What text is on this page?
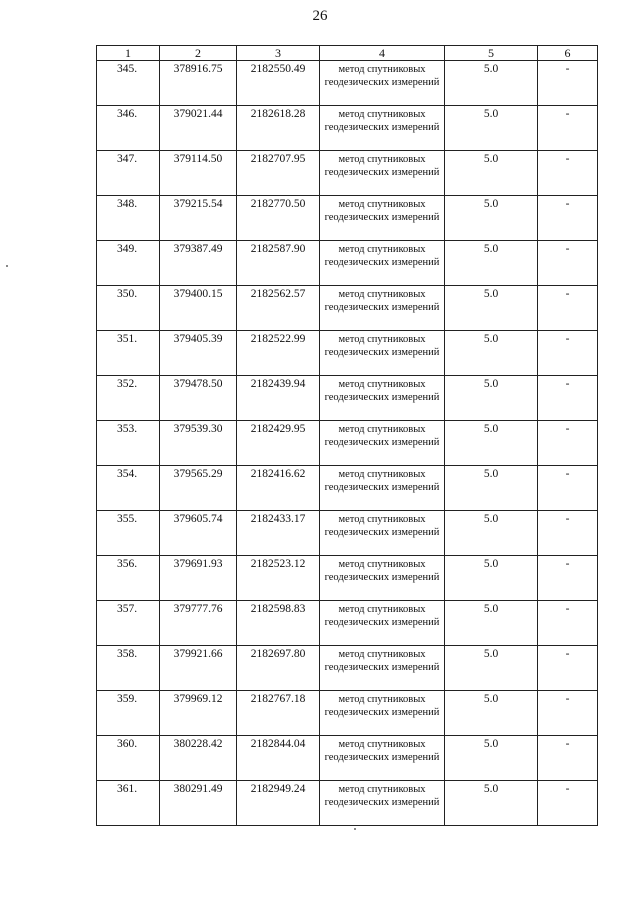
26
1	2	3	4	5	6
345.	378916.75	2182550.49	метод спутниковых геодезических измерений	5.0	-
346.	379021.44	2182618.28	метод спутниковых геодезических измерений	5.0	-
347.	379114.50	2182707.95	метод спутниковых геодезических измерений	5.0	-
348.	379215.54	2182770.50	метод спутниковых геодезических измерений	5.0	-
349.	379387.49	2182587.90	метод спутниковых геодезических измерений	5.0	-
350.	379400.15	2182562.57	метод спутниковых геодезических измерений	5.0	-
351.	379405.39	2182522.99	метод спутниковых геодезических измерений	5.0	-
352.	379478.50	2182439.94	метод спутниковых геодезических измерений	5.0	-
353.	379539.30	2182429.95	метод спутниковых геодезических измерений	5.0	-
354.	379565.29	2182416.62	метод спутниковых геодезических измерений	5.0	-
355.	379605.74	2182433.17	метод спутниковых геодезических измерений	5.0	-
356.	379691.93	2182523.12	метод спутниковых геодезических измерений	5.0	-
357.	379777.76	2182598.83	метод спутниковых геодезических измерений	5.0	-
358.	379921.66	2182697.80	метод спутниковых геодезических измерений	5.0	-
359.	379969.12	2182767.18	метод спутниковых геодезических измерений	5.0	-
360.	380228.42	2182844.04	метод спутниковых геодезических измерений	5.0	-
361.	380291.49	2182949.24	метод спутниковых геодезических измерений	5.0	-
